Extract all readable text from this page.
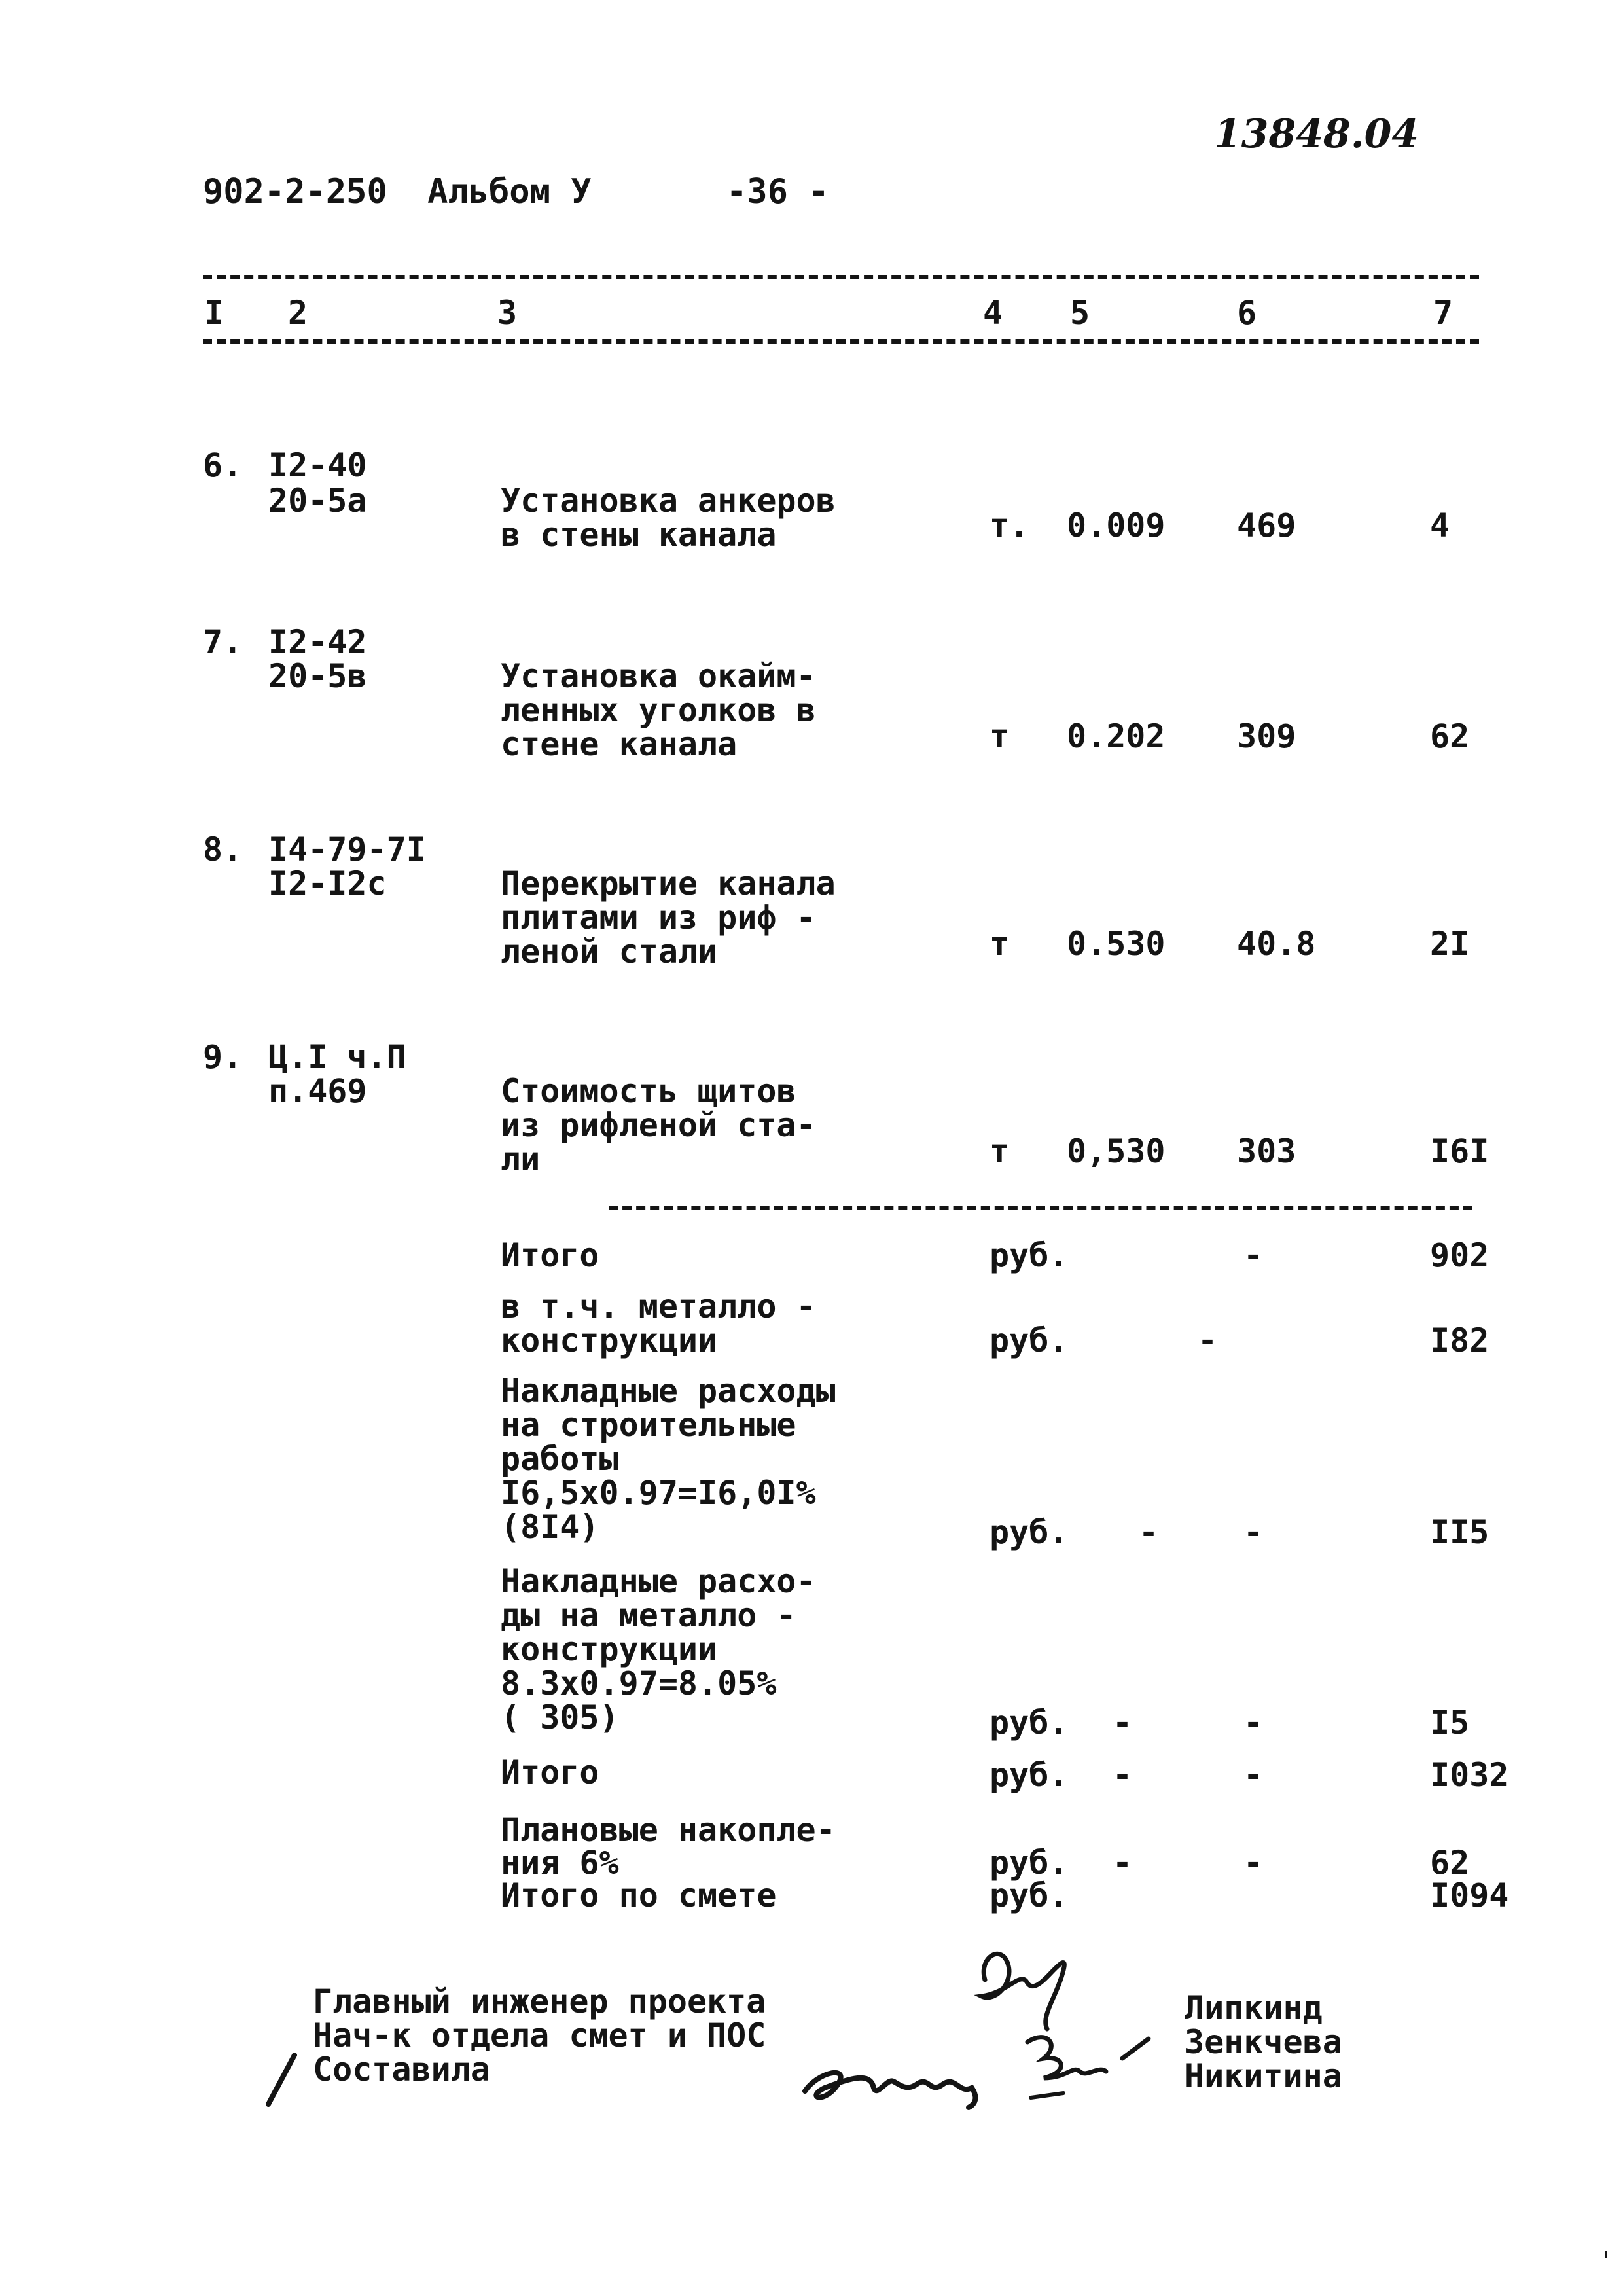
13848.04
902-2-250 Альбом У	-36 -
I 2	3	4 5	6	7
6. I2-40
20-5a	Установка анкеров
в стены канала	т. 0.009 469	4
7. I2-42
20-5в	Установка окайм-
ленных уголков в
стене канала	т 0.202 309	62
8. I4-79-7I
I2-I2c	Перекрытие канала
плитами из риф -
леной стали	т 0.530 40.8	2I
9. Ц.I ч.П
п.469	Стоимость щитов
из рифленой ста-
ли	т 0,530 303	I6I
Итого	руб.	-	902
в т.ч. металло -
конструкции	руб.	-	I82
Накладные расходы
на строительные
работы
I6,5x0.97=I6,0I%
(8I4)	руб. -	-	II5
Накладные расхо-
ды на металло -
конструкции
8.3x0.97=8.05%
( 305)	руб. -	-	I5
Итого	руб. -	-	I032
Плановые накопле-
ния 6%	руб. -	-	62
Итого по смете	руб.	I094
Главный инженер проекта
Нач-к отдела смет и ПОС
Составила
Липкинд
Зенкчева
Никитина
